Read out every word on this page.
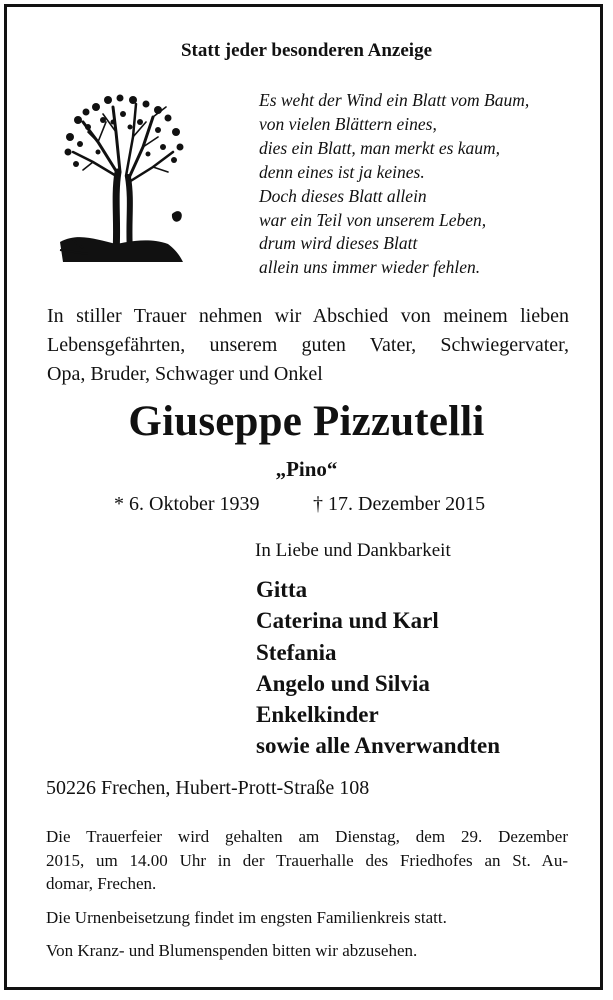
Statt jeder besonderen Anzeige
Es weht der Wind ein Blatt vom Baum,
von vielen Blättern eines,
dies ein Blatt, man merkt es kaum,
denn eines ist ja keines.
Doch dieses Blatt allein
war ein Teil von unserem Leben,
drum wird dieses Blatt
allein uns immer wieder fehlen.
In stiller Trauer nehmen wir Abschied von meinem lieben
Lebensgefährten, unserem guten Vater, Schwiegervater,
Opa, Bruder, Schwager und Onkel
Giuseppe Pizzutelli
„Pino“
* 6. Oktober 1939	† 17. Dezember 2015
In Liebe und Dankbarkeit
Gitta
Caterina und Karl
Stefania
Angelo und Silvia
Enkelkinder
sowie alle Anverwandten
50226 Frechen, Hubert-Prott-Straße 108
Die Trauerfeier wird gehalten am Dienstag, dem 29. Dezember
2015, um 14.00 Uhr in der Trauerhalle des Friedhofes an St. Au-
domar, Frechen.
Die Urnenbeisetzung findet im engsten Familienkreis statt.
Von Kranz- und Blumenspenden bitten wir abzusehen.
